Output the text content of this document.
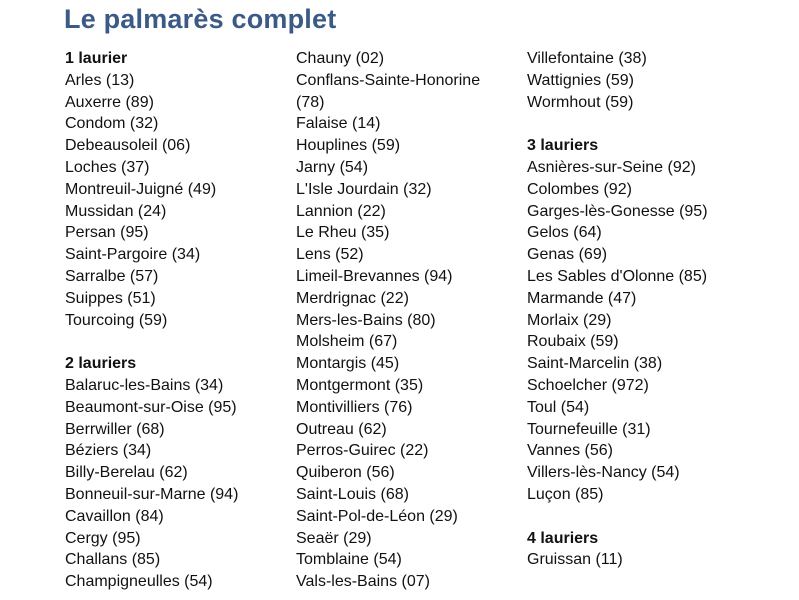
Le palmarès complet
1 laurier
Arles (13)
Auxerre (89)
Condom (32)
Debeausoleil (06)
Loches (37)
Montreuil-Juigné (49)
Mussidan (24)
Persan (95)
Saint-Pargoire (34)
Sarralbe (57)
Suippes (51)
Tourcoing (59)
2 lauriers
Balaruc-les-Bains (34)
Beaumont-sur-Oise (95)
Berrwiller (68)
Béziers (34)
Billy-Berelau (62)
Bonneuil-sur-Marne (94)
Cavaillon (84)
Cergy (95)
Challans (85)
Champigneulles (54)
Chauny (02)
Conflans-Sainte-Honorine
(78)
Falaise (14)
Houplines (59)
Jarny (54)
L'Isle Jourdain (32)
Lannion (22)
Le Rheu (35)
Lens (52)
Limeil-Brevannes (94)
Merdrignac (22)
Mers-les-Bains (80)
Molsheim (67)
Montargis (45)
Montgermont (35)
Montivilliers (76)
Outreau (62)
Perros-Guirec (22)
Quiberon (56)
Saint-Louis (68)
Saint-Pol-de-Léon (29)
Seaër (29)
Tomblaine (54)
Vals-les-Bains (07)
Villefontaine (38)
Wattignies (59)
Wormhout (59)
3 lauriers
Asnières-sur-Seine (92)
Colombes (92)
Garges-lès-Gonesse (95)
Gelos (64)
Genas (69)
Les Sables d'Olonne (85)
Marmande (47)
Morlaix (29)
Roubaix (59)
Saint-Marcelin (38)
Schoelcher (972)
Toul (54)
Tournefeuille (31)
Vannes (56)
Villers-lès-Nancy (54)
Luçon (85)
4 lauriers
Gruissan (11)
